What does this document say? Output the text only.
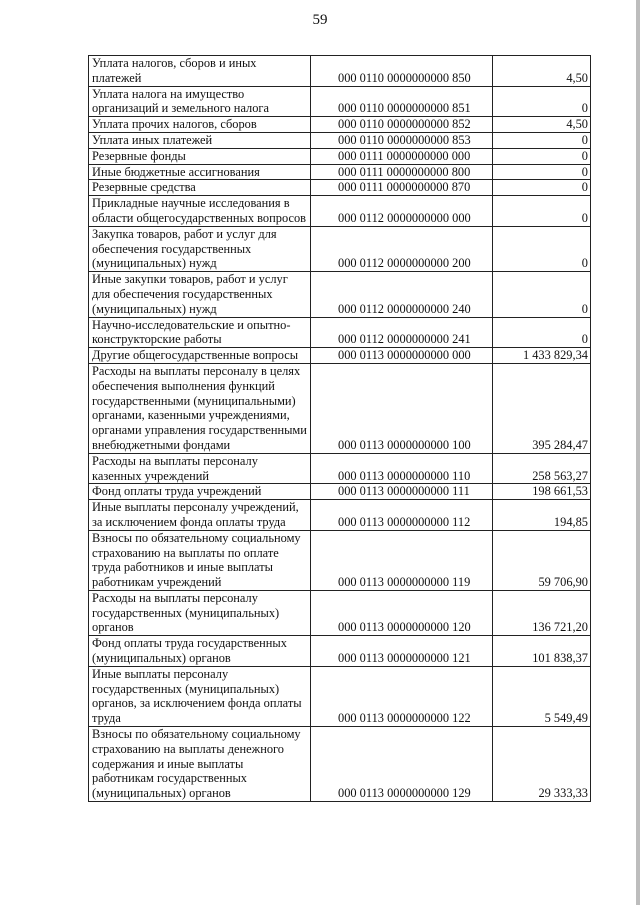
59
Уплата налогов, сборов и иных платежей	000 0110 0000000000 850	4,50
Уплата налога на имущество организаций и земельного налога	000 0110 0000000000 851	0
Уплата прочих налогов, сборов	000 0110 0000000000 852	4,50
Уплата иных платежей	000 0110 0000000000 853	0
Резервные фонды	000 0111 0000000000 000	0
Иные бюджетные ассигнования	000 0111 0000000000 800	0
Резервные средства	000 0111 0000000000 870	0
Прикладные научные исследования в области общегосударственных вопросов	000 0112 0000000000 000	0
Закупка товаров, работ и услуг для обеспечения государственных (муниципальных) нужд	000 0112 0000000000 200	0
Иные закупки товаров, работ и услуг для обеспечения государственных (муниципальных) нужд	000 0112 0000000000 240	0
Научно-исследовательские и опытно-конструкторские работы	000 0112 0000000000 241	0
Другие общегосударственные вопросы	000 0113 0000000000 000	1 433 829,34
Расходы на выплаты персоналу в целях обеспечения выполнения функций государственными (муниципальными) органами, казенными учреждениями, органами управления государственными внебюджетными фондами	000 0113 0000000000 100	395 284,47
Расходы на выплаты персоналу казенных учреждений	000 0113 0000000000 110	258 563,27
Фонд оплаты труда учреждений	000 0113 0000000000 111	198 661,53
Иные выплаты персоналу учреждений, за исключением фонда оплаты труда	000 0113 0000000000 112	194,85
Взносы по обязательному социальному страхованию на выплаты по оплате труда работников и иные выплаты работникам учреждений	000 0113 0000000000 119	59 706,90
Расходы на выплаты персоналу государственных (муниципальных) органов	000 0113 0000000000 120	136 721,20
Фонд оплаты труда государственных (муниципальных) органов	000 0113 0000000000 121	101 838,37
Иные выплаты персоналу государственных (муниципальных) органов, за исключением фонда оплаты труда	000 0113 0000000000 122	5 549,49
Взносы по обязательному социальному страхованию на выплаты денежного содержания и иные выплаты работникам государственных (муниципальных) органов	000 0113 0000000000 129	29 333,33
